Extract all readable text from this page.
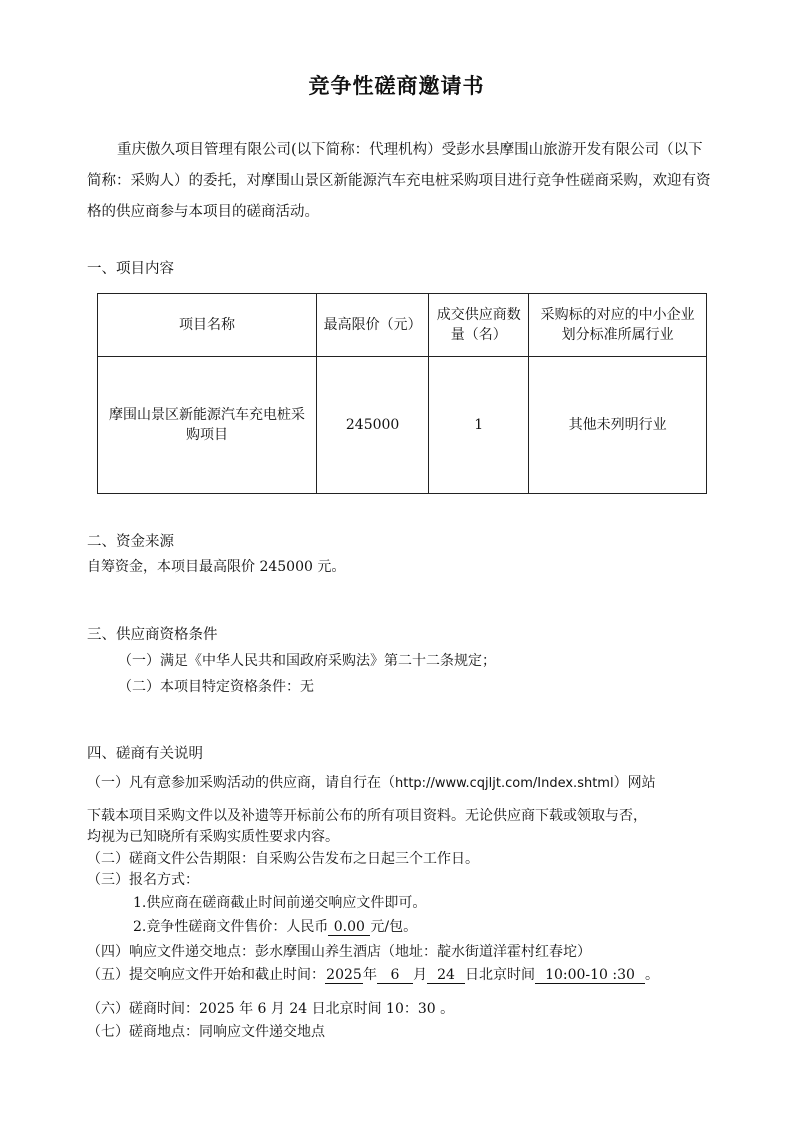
竞争性磋商邀请书

重庆傲久项目管理有限公司(以下简称：代理机构）受彭水县摩围山旅游开发有限公司（以下简称：采购人）的委托，对摩围山景区新能源汽车充电桩采购项目进行竞争性磋商采购，欢迎有资格的供应商参与本项目的磋商活动。

一、项目内容

项目名称	最高限价（元）	成交供应商数量（名）	采购标的对应的中小企业划分标准所属行业
摩围山景区新能源汽车充电桩采购项目	245000	1	其他未列明行业

二、资金来源

自筹资金，本项目最高限价 245000 元。

三、供应商资格条件

（一）满足《中华人民共和国政府采购法》第二十二条规定；

（二）本项目特定资格条件：无

四、磋商有关说明

（一）凡有意参加采购活动的供应商，请自行在（http://www.cqjljt.com/Index.shtml）网站

下载本项目采购文件以及补遗等开标前公布的所有项目资料。无论供应商下载或领取与否，

均视为已知晓所有采购实质性要求内容。

（二）磋商文件公告期限：自采购公告发布之日起三个工作日。

（三）报名方式：

1.供应商在磋商截止时间前递交响应文件即可。

2.竞争性磋商文件售价：人民币 0.00 元/包。

（四）响应文件递交地点：彭水摩围山养生酒店（地址：靛水街道洋霍村红春坨）

（五）提交响应文件开始和截止时间：2025年 6 月 24 日北京时间 10:00-10 :30 。

（六）磋商时间：2025 年 6 月 24 日北京时间 10：30 。

（七）磋商地点：同响应文件递交地点
